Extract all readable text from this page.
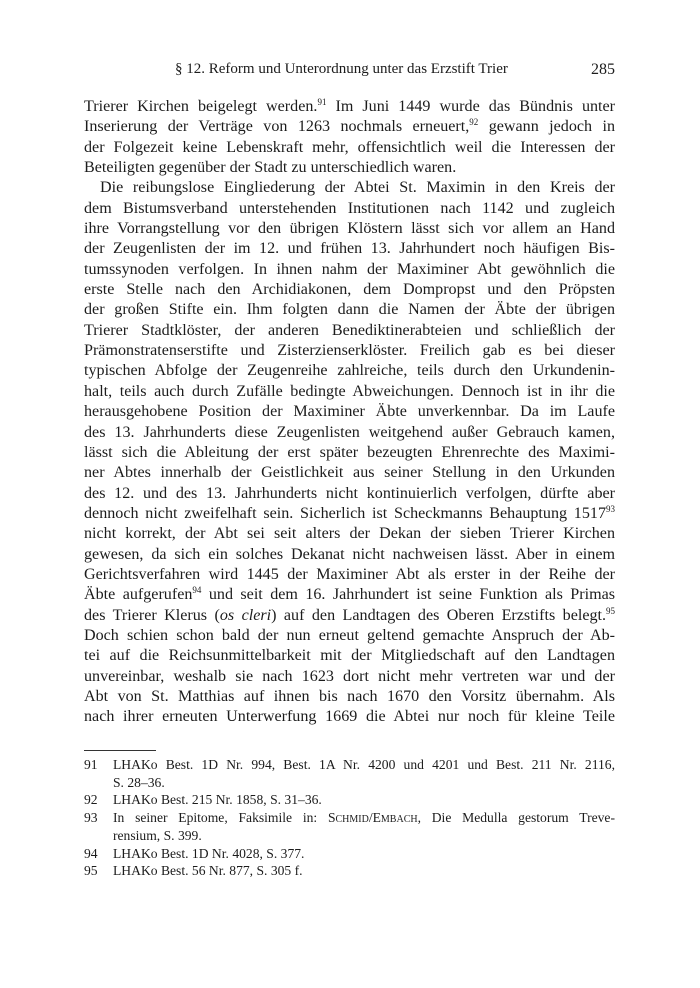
§ 12. Reform und Unterordnung unter das Erzstift Trier	285
Trierer Kirchen beigelegt werden.$^{91}$ Im Juni 1449 wurde das Bündnis unter
Inserierung der Verträge von 1263 nochmals erneuert,$^{92}$ gewann jedoch in
der Folgezeit keine Lebenskraft mehr, offensichtlich weil die Interessen der
Beteiligten gegenüber der Stadt zu unterschiedlich waren.
Die reibungslose Eingliederung der Abtei St. Maximin in den Kreis der
dem Bistumsverband unterstehenden Institutionen nach 1142 und zugleich
ihre Vorrangstellung vor den übrigen Klöstern lässt sich vor allem an Hand
der Zeugenlisten der im 12. und frühen 13. Jahrhundert noch häufigen Bis-
tumssynoden verfolgen. In ihnen nahm der Maximiner Abt gewöhnlich die
erste Stelle nach den Archidiakonen, dem Dompropst und den Pröpsten
der großen Stifte ein. Ihm folgten dann die Namen der Äbte der übrigen
Trierer Stadtklöster, der anderen Benediktinerabteien und schließlich der
Prämonstratenserstifte und Zisterzienserklöster. Freilich gab es bei dieser
typischen Abfolge der Zeugenreihe zahlreiche, teils durch den Urkundenin-
halt, teils auch durch Zufälle bedingte Abweichungen. Dennoch ist in ihr die
herausgehobene Position der Maximiner Äbte unverkennbar. Da im Laufe
des 13. Jahrhunderts diese Zeugenlisten weitgehend außer Gebrauch kamen,
lässt sich die Ableitung der erst später bezeugten Ehrenrechte des Maximi-
ner Abtes innerhalb der Geistlichkeit aus seiner Stellung in den Urkunden
des 12. und des 13. Jahrhunderts nicht kontinuierlich verfolgen, dürfte aber
dennoch nicht zweifelhaft sein. Sicherlich ist Scheckmanns Behauptung 1517$^{93}$
nicht korrekt, der Abt sei seit alters der Dekan der sieben Trierer Kirchen
gewesen, da sich ein solches Dekanat nicht nachweisen lässt. Aber in einem
Gerichtsverfahren wird 1445 der Maximiner Abt als erster in der Reihe der
Äbte aufgerufen$^{94}$ und seit dem 16. Jahrhundert ist seine Funktion als Primas
des Trierer Klerus (os cleri) auf den Landtagen des Oberen Erzstifts belegt.$^{95}$
Doch schien schon bald der nun erneut geltend gemachte Anspruch der Ab-
tei auf die Reichsunmittelbarkeit mit der Mitgliedschaft auf den Landtagen
unvereinbar, weshalb sie nach 1623 dort nicht mehr vertreten war und der
Abt von St. Matthias auf ihnen bis nach 1670 den Vorsitz übernahm. Als
nach ihrer erneuten Unterwerfung 1669 die Abtei nur noch für kleine Teile
91 LHAKo Best. 1D Nr. 994, Best. 1A Nr. 4200 und 4201 und Best. 211 Nr. 2116,
S. 28–36.
92 LHAKo Best. 215 Nr. 1858, S. 31–36.
93 In seiner Epitome, Faksimile in: Schmid/Embach, Die Medulla gestorum Treve-
rensium, S. 399.
94 LHAKo Best. 1D Nr. 4028, S. 377.
95 LHAKo Best. 56 Nr. 877, S. 305 f.
